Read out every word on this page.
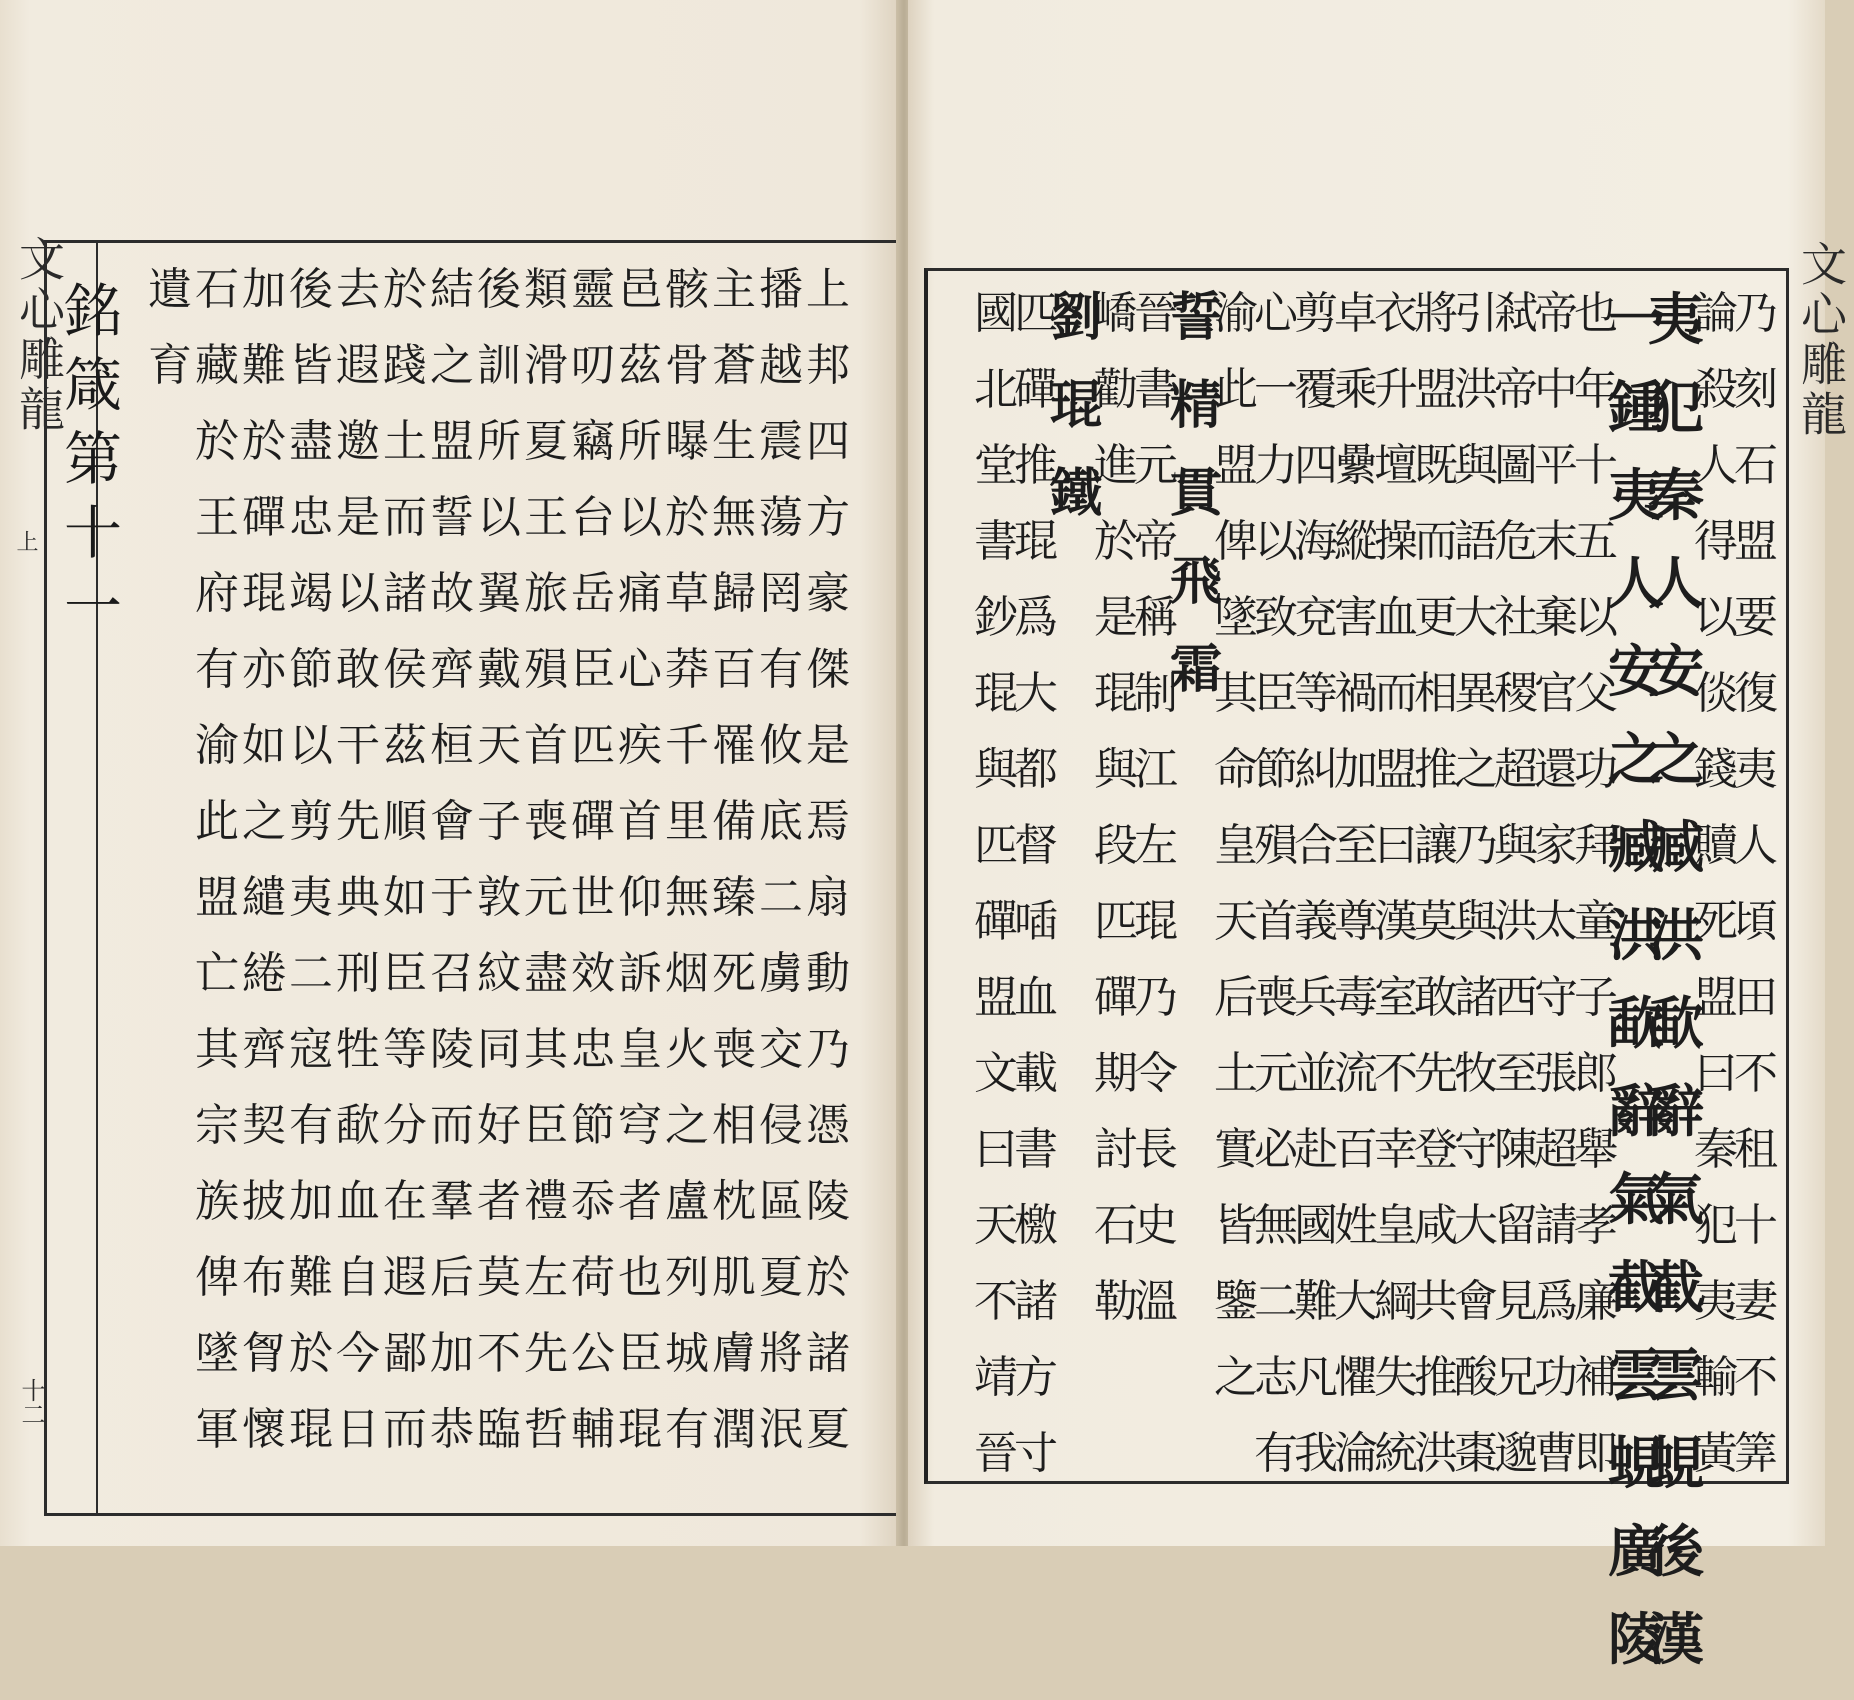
文心雕龍
上
十二
銘箴第十一	上
邦
四
方
豪
傑
是
焉
扇
動
乃
憑
陵
於
諸
夏
播
越
震
蕩
罔
有
攸
底
二
虜
交
侵
區
夏
將
泯
主
蒼
生
無
歸
百
罹
備
臻
死
喪
相
枕
肌
膚
潤
骸
骨
曝
於
草
莽
千
里
無
烟
火
之
盧
列
城
有
邑
茲
所
以
痛
心
疾
首
仰
訴
皇
穹
者
也
臣
琨
靈
叨
竊
台
岳
臣
匹
磾
世
效
忠
節
忝
荷
公
輔
類
滑
夏
王
旅
殞
首
喪
元
盡
其
臣
禮
左
先
哲
後
訓
所
以
翼
戴
天
子
敦
紋
同
好
者
莫
不
臨
結
之
盟
誓
故
齊
桓
會
于
召
陵
而
羣
后
加
恭
於
踐
土
而
諸
侯
茲
順
如
臣
等
分
在
遐
鄙
而
去
遐
邀
是
以
敢
干
先
典
刑
牲
歃
血
自
今
日
後
皆
盡
忠
竭
節
以
剪
夷
二
寇
有
加
難
於
琨
加
難
於
磾
琨
亦
如
之
繾
綣
齊
契
披
布
胷
懷
石
藏
於
王
府
有
渝
此
盟
亡
其
宗
族
俾
墜
軍
遺
育	文心雕龍
乃
刻
石
盟
要
復
夷
人
頃
田
不
租
十
妻
不
筭
論
殺
人
得
以
倓
錢
贖
死
盟
曰
秦
犯
夷
輸
黃
夷
犯
秦
人
安
之
臧
洪
歃
辭
氣
截
雲
蜆
後
漢
一
鍾
夷
人
安
之
臧
洪
歃
辭
氣
截
雲
蜆
廣
陵
也
年
十
五
以
父
功
拜
童
子
郎
舉
孝
廉
補
即
帝
中
平
末
棄
官
還
家
太
守
張
超
請
爲
功
曹
弒
帝
圖
危
社
稷
超
與
洪
西
至
陳
留
見
兄
邈
引
洪
與
語
大
異
之
乃
與
諸
牧
守
大
會
酸
棗
將
盟
既
而
更
相
推
讓
莫
敢
先
登
咸
共
推
洪
衣
升
壇
操
血
而
盟
曰
漢
室
不
幸
皇
綱
失
統
卓
乘
纍
縱
害
禍
加
至
尊
毒
流
百
姓
大
懼
淪
剪
覆
四
海
兗
等
糾
合
義
兵
並
赴
國
難
凡
我
心
一
力
以
致
臣
節
殞
首
喪
元
必
無
二
志
有
渝
此
盟
俾
墜
其
命
皇
天
后
土
實
皆
鑒
之
誓
精
貫
飛
霜
晉
書
元
帝
稱
制
江
左
琨
乃
令
長
史
溫
嶠
勸
進
於
是
琨
與
段
匹
磾
期
討
石
勒
劉
琨
鐵
匹
磾
推
琨
爲
大
都
督
喢
血
載
書
檄
諸
方
寸
國
北
堂
書
鈔
琨
與
匹
磾
盟
文
曰
天
不
靖
晉
